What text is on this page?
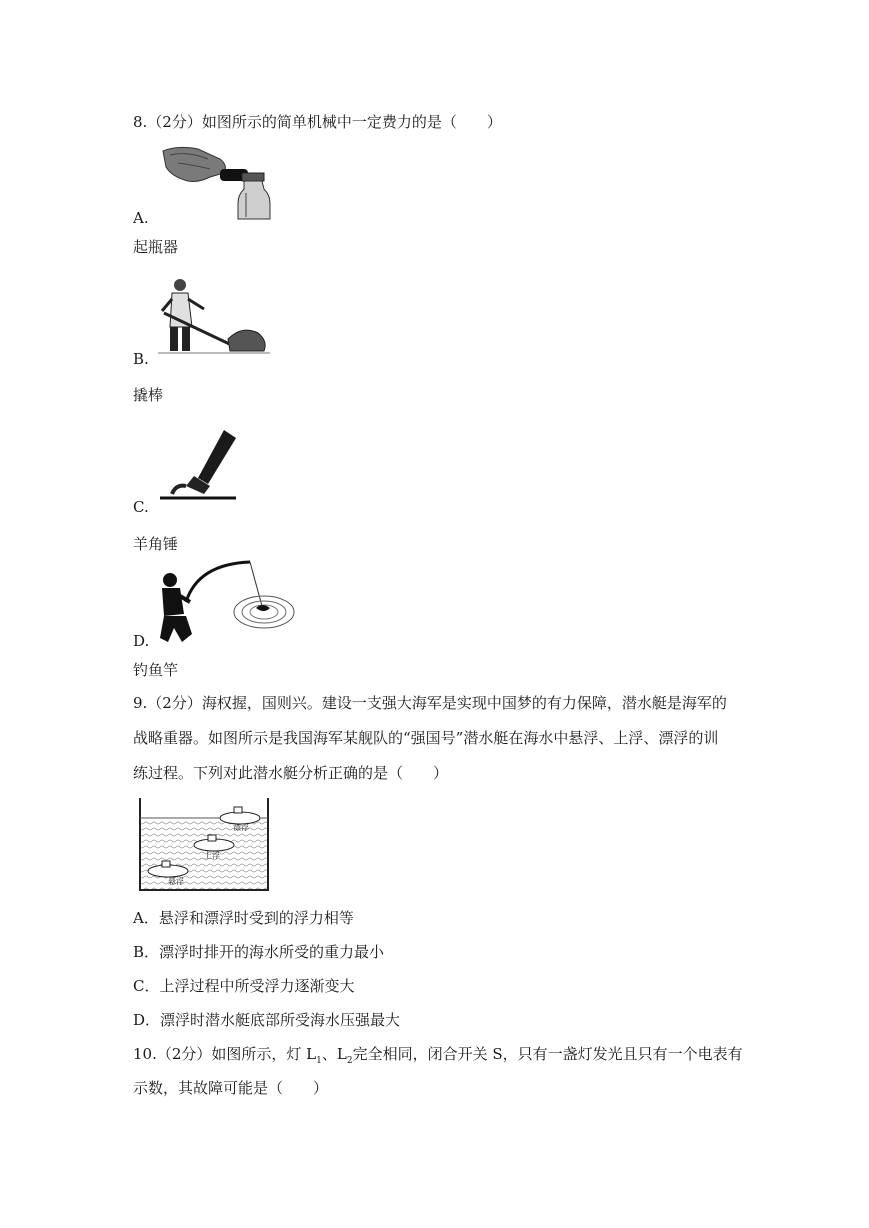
8.（2分）如图所示的简单机械中一定费力的是（　　）
A.
起瓶器
B.
撬棒
C.
羊角锤
D.
钓鱼竿
9.（2分）海权握，国则兴。建设一支强大海军是实现中国梦的有力保障，潜水艇是海军的
战略重器。如图所示是我国海军某舰队的“强国号”潜水艇在海水中悬浮、上浮、漂浮的训
练过程。下列对此潜水艇分析正确的是（　　）
漂浮
上浮
悬浮
A．悬浮和漂浮时受到的浮力相等
B．漂浮时排开的海水所受的重力最小
C．上浮过程中所受浮力逐渐变大
D．漂浮时潜水艇底部所受海水压强最大
10.（2分）如图所示，灯 $L_1$、$L_2$完全相同，闭合开关 S，只有一盏灯发光且只有一个电表有
示数，其故障可能是（　　）
